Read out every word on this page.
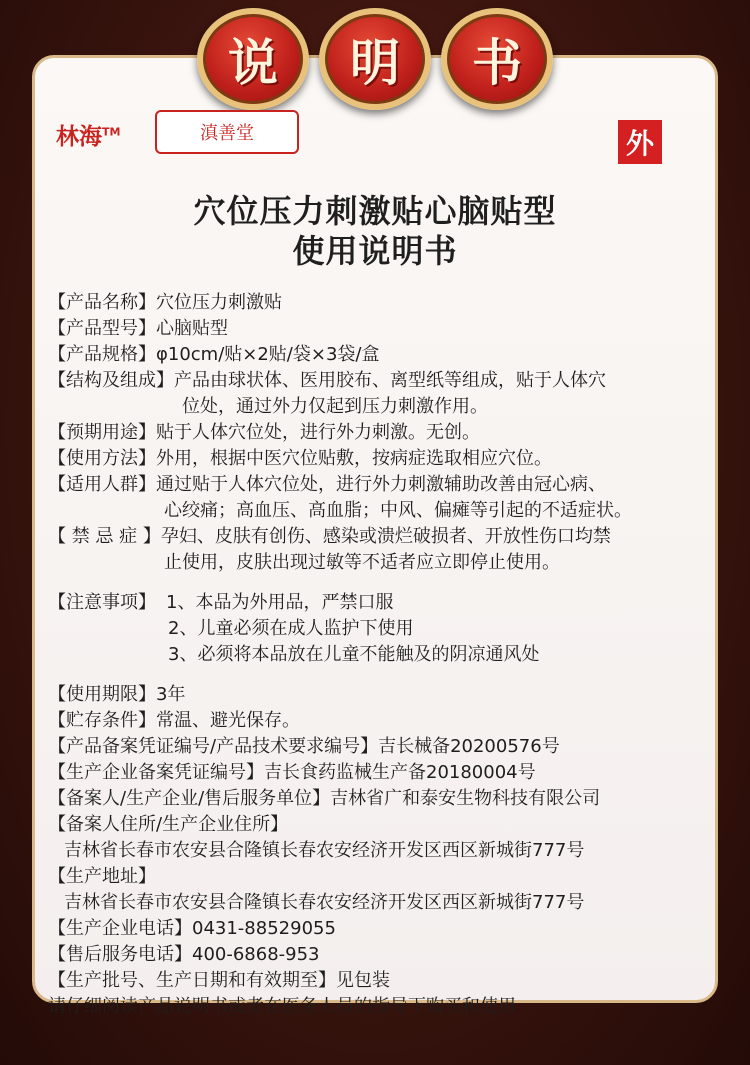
说 明 书
林海™	滇善堂	外
穴位压力刺激贴心脑贴型
使用说明书
【产品名称】 穴位压力刺激贴
【产品型号】 心脑贴型
【产品规格】 φ10cm/贴×2贴/袋×3袋/盒
【结构及组成】 产品由球状体、医用胶布、离型纸等组成，贴于人体穴
位处，通过外力仅起到压力刺激作用。
【预期用途】 贴于人体穴位处，进行外力刺激。无创。
【使用方法】 外用，根据中医穴位贴敷，按病症选取相应穴位。
【适用人群】 通过贴于人体穴位处，进行外力刺激辅助改善由冠心病、
心绞痛；高血压、高血脂；中风、偏瘫等引起的不适症状。
【 禁 忌 症 】 孕妇、皮肤有创伤、感染或溃烂破损者、开放性伤口均禁
止使用，皮肤出现过敏等不适者应立即停止使用。
【注意事项】 1、本品为外用品，严禁口服
2、儿童必须在成人监护下使用
3、必须将本品放在儿童不能触及的阴凉通风处
【使用期限】 3年
【贮存条件】 常温、避光保存。
【产品备案凭证编号/产品技术要求编号】 吉长械备20200576号
【生产企业备案凭证编号】 吉长食药监械生产备20180004号
【备案人/生产企业/售后服务单位】 吉林省广和泰安生物科技有限公司
【备案人住所/生产企业住所】
吉林省长春市农安县合隆镇长春农安经济开发区西区新城街777号
【生产地址】
吉林省长春市农安县合隆镇长春农安经济开发区西区新城街777号
【生产企业电话】 0431-88529055
【售后服务电话】 400-6868-953
【生产批号、生产日期和有效期至】 见包装
请仔细阅读产品说明书或者在医务人员的指导下购买和使用
